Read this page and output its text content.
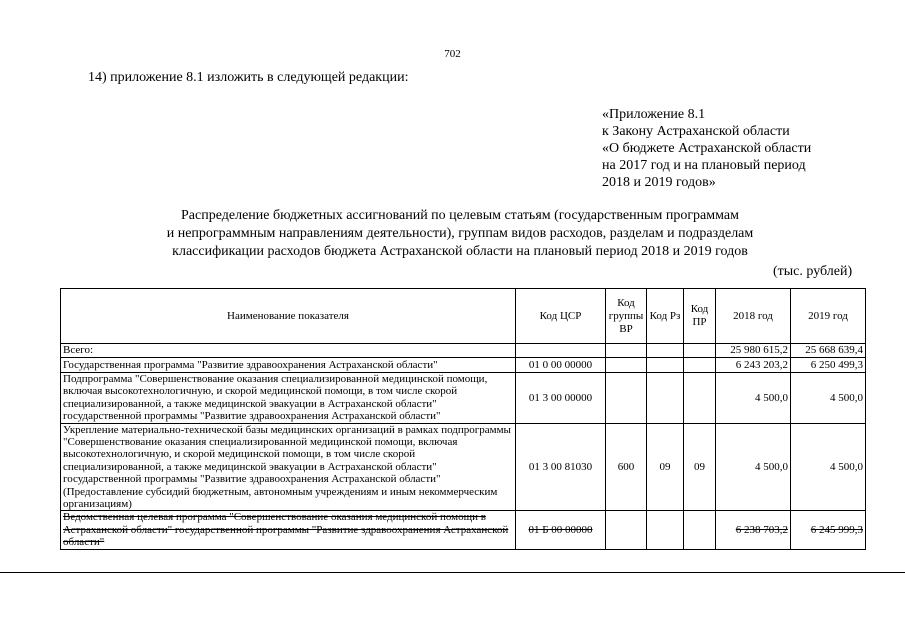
702
14) приложение 8.1 изложить в следующей редакции:
«Приложение 8.1
к Закону Астраханской области
«О бюджете Астраханской области
на 2017 год и на плановый период
2018 и 2019 годов»
Распределение бюджетных ассигнований по целевым статьям (государственным программам
и непрограммным направлениям деятельности), группам видов расходов, разделам и подразделам
классификации расходов бюджета Астраханской области на плановый период 2018 и 2019 годов
(тыс. рублей)
Наименование показателя	Код ЦСР	Код группы ВР	Код Рз	Код ПР	2018 год	2019 год
Всего:					25 980 615,2	25 668 639,4
Государственная программа "Развитие здравоохранения Астраханской области"	01 0 00 00000				6 243 203,2	6 250 499,3
Подпрограмма "Совершенствование оказания специализированной медицинской помощи, включая высокотехнологичную, и скорой медицинской помощи, в том числе скорой специализированной, а также медицинской эвакуации в Астраханской области" государственной программы "Развитие здравоохранения Астраханской области"	01 3 00 00000				4 500,0	4 500,0
Укрепление материально-технической базы медицинских организаций в рамках подпрограммы "Совершенствование оказания специализированной медицинской помощи, включая высокотехнологичную, и скорой медицинской помощи, в том числе скорой специализированной, а также медицинской эвакуации в Астраханской области" государственной программы "Развитие здравоохранения Астраханской области" (Предоставление субсидий бюджетным, автономным учреждениям и иным некоммерческим организациям)	01 3 00 81030	600	09	09	4 500,0	4 500,0
Ведомственная целевая программа "Совершенствование оказания медицинской помощи в Астраханской области" государственной программы "Развитие здравоохранения Астраханской области"	01 Б 00 00000				6 238 703,2	6 245 999,3
